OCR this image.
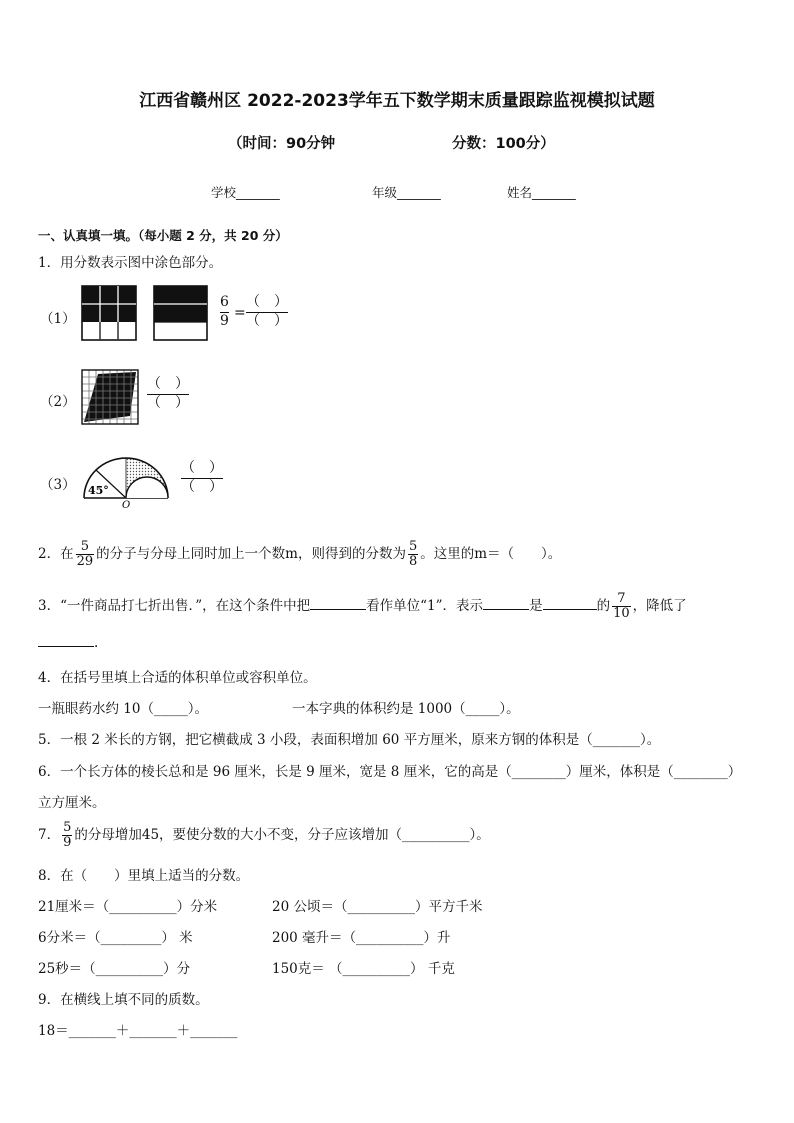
江西省赣州区 2022-2023学年五下数学期末质量跟踪监视模拟试题
（时间：90分钟	分数：100分）
学校_______	年级_______	姓名_______
一、认真填一填。（每小题 2 分，共 20 分）
1．用分数表示图中涂色部分。
（1）
6
9 =
（　）
（　）
（2）
（　）
（　）
（3） 45°
O
（　）
（　）
2．在 $\frac{5}{29}$ 的分子与分母上同时加上一个数m，则得到的分数为 $\frac{5}{8}$ 。这里的m＝（　　）。
3．“一件商品打七折出售．”，在这个条件中把	看作单位“1”．表示	是	的 $\frac{7}{10}$ ，降低了
.
4．在括号里填上合适的体积单位或容积单位。
一瓶眼药水约 10（_____）。	一本字典的体积约是 1000（_____）。
5．一根 2 米长的方钢，把它横截成 3 小段，表面积增加 60 平方厘米，原来方钢的体积是（_______）。
6．一个长方体的棱长总和是 96 厘米，长是 9 厘米，宽是 8 厘米，它的高是（________）厘米，体积是（________）
立方厘米。
7． $\frac{5}{9}$ 的分母增加45，要使分数的大小不变，分子应该增加（__________）。
8．在（　　）里填上适当的分数。
21厘米＝（__________）分米	20 公顷＝（__________）平方千米
6分米＝（_________） 米	200 毫升＝（__________）升
25秒＝（__________）分	150克＝ （__________） 千克
9．在横线上填不同的质数。
18＝_______＋_______＋_______
